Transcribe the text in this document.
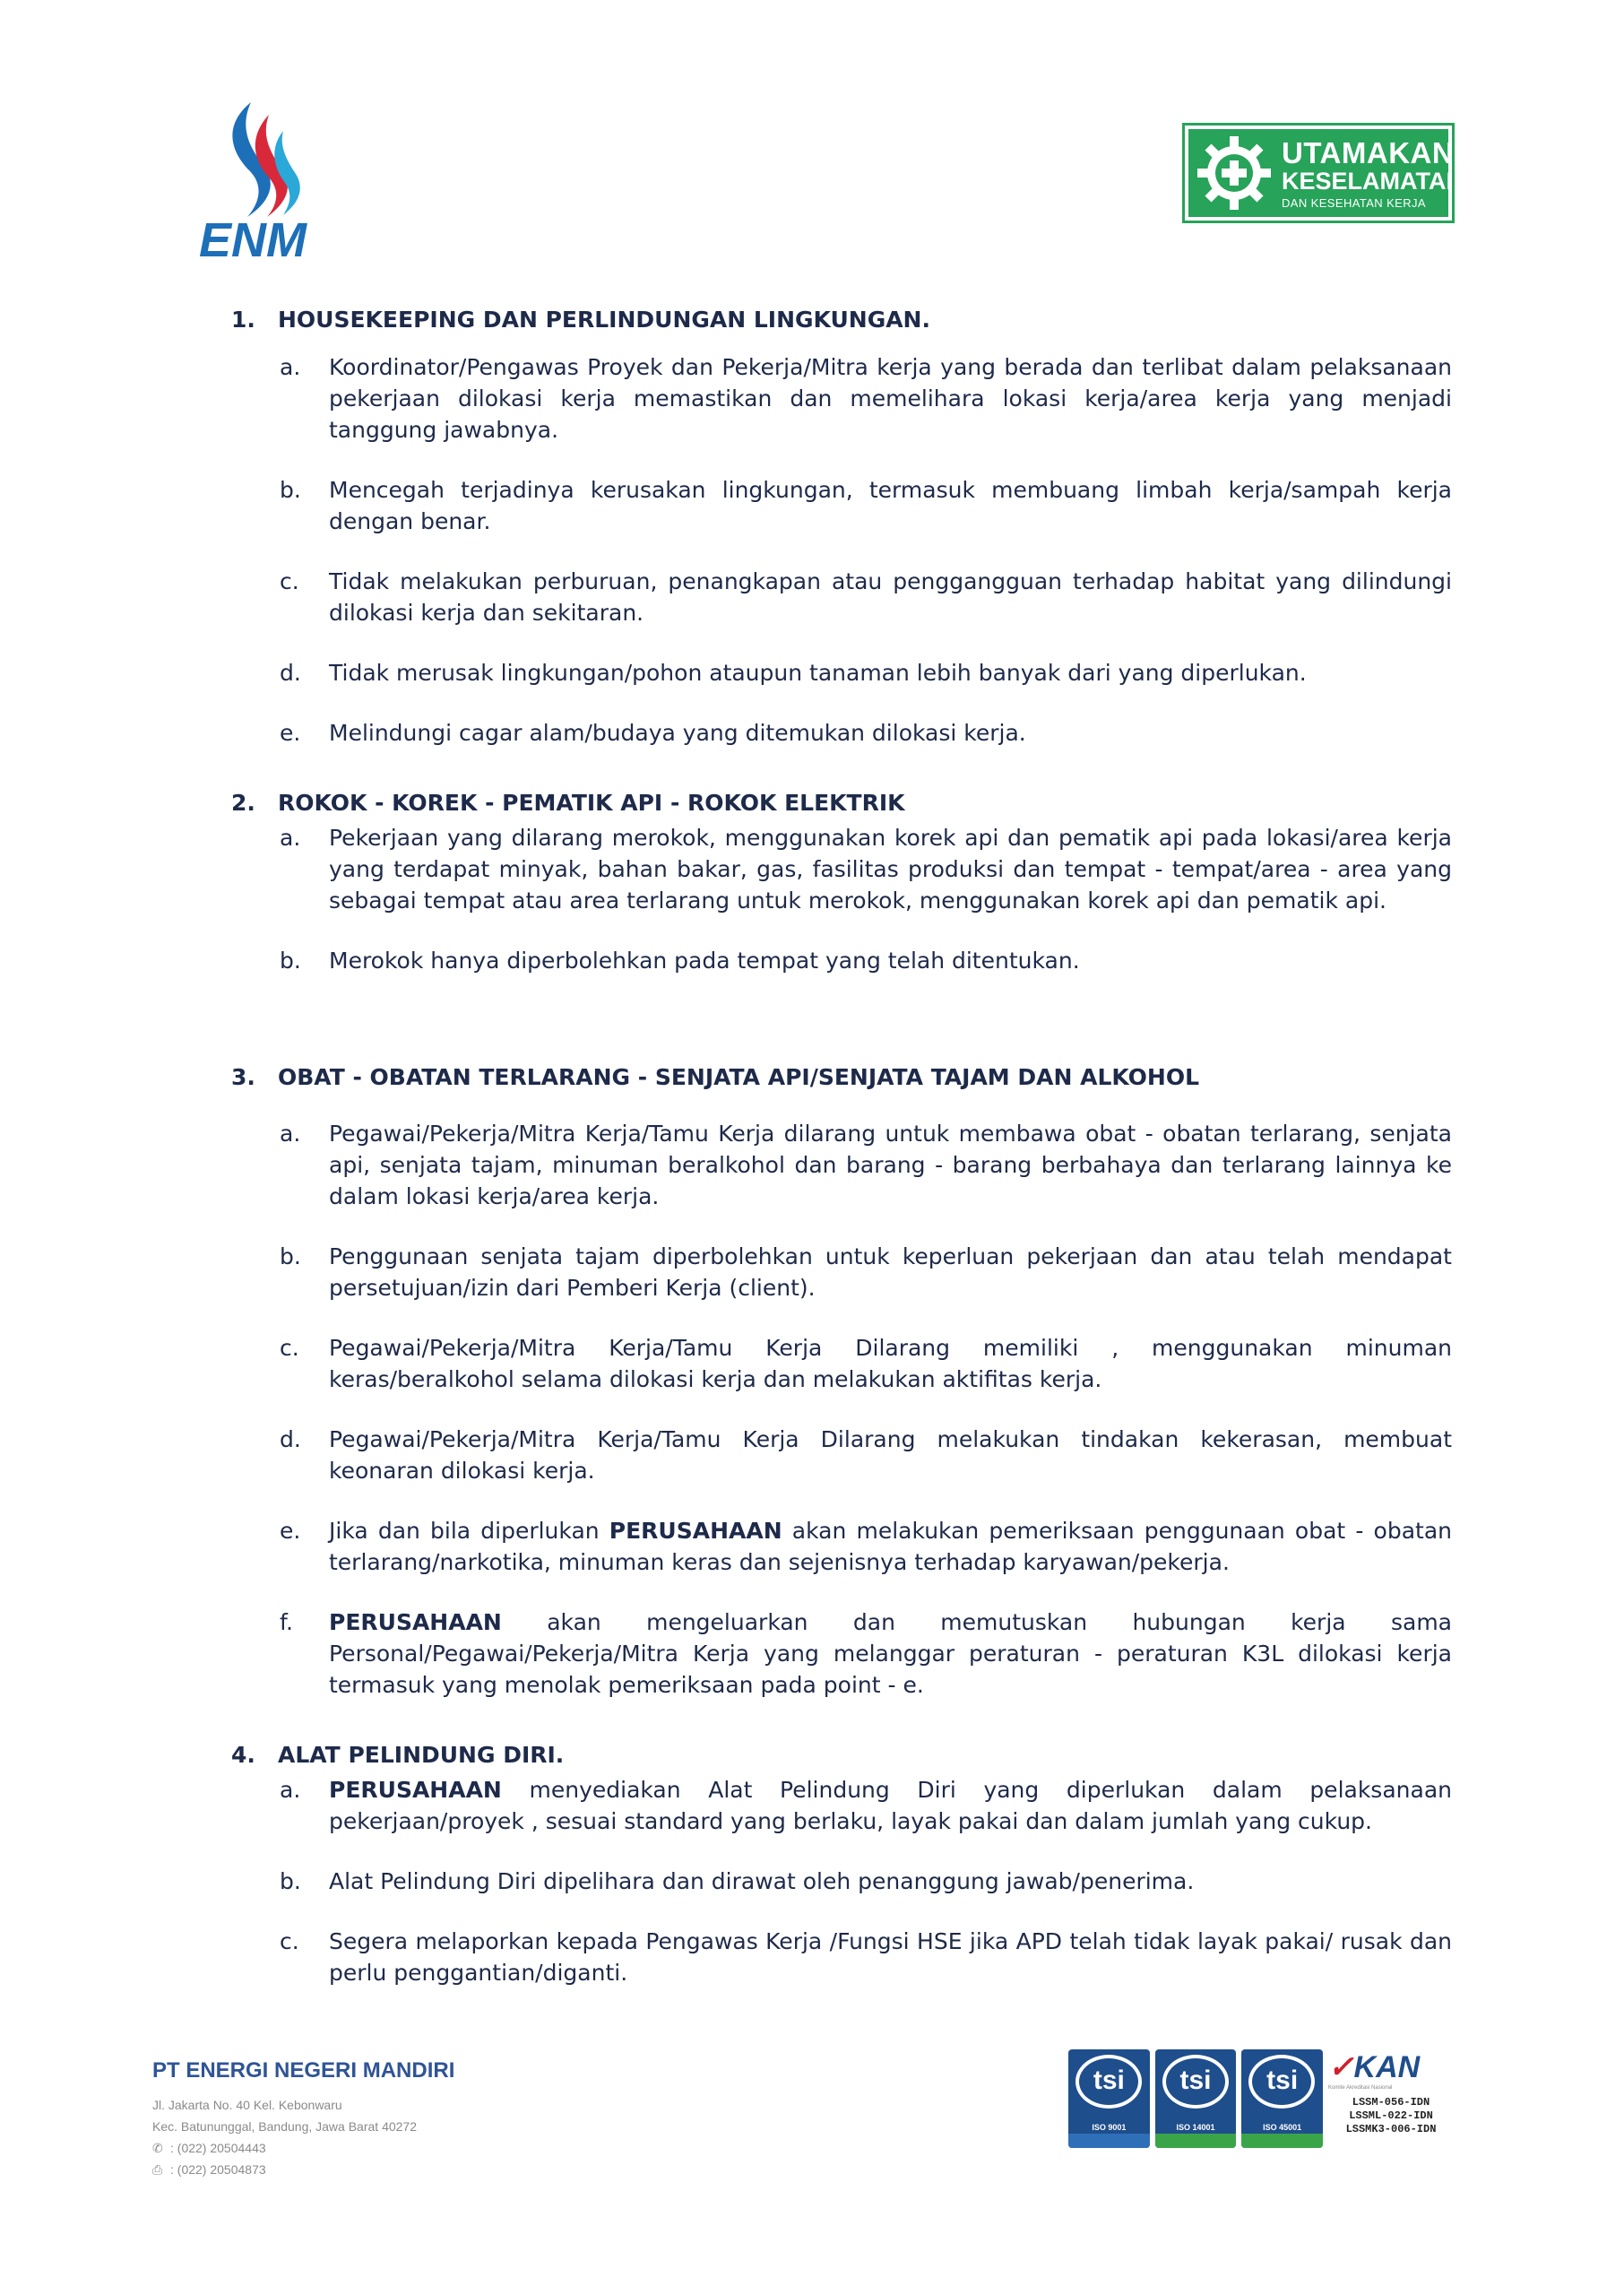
ENM
UTAMAKAN
KESELAMATAN
DAN KESEHATAN KERJA
1. HOUSEKEEPING DAN PERLINDUNGAN LINGKUNGAN.
a. Koordinator/Pengawas Proyek dan Pekerja/Mitra kerja yang berada dan terlibat dalam pelaksanaan pekerjaan dilokasi kerja memastikan dan memelihara lokasi kerja/area kerja yang menjadi tanggung jawabnya.
b. Mencegah terjadinya kerusakan lingkungan, termasuk membuang limbah kerja/sampah kerja dengan benar.
c. Tidak melakukan perburuan, penangkapan atau penggangguan terhadap habitat yang dilindungi dilokasi kerja dan sekitaran.
d. Tidak merusak lingkungan/pohon ataupun tanaman lebih banyak dari yang diperlukan.
e. Melindungi cagar alam/budaya yang ditemukan dilokasi kerja.
2. ROKOK - KOREK - PEMATIK API - ROKOK ELEKTRIK
a. Pekerjaan yang dilarang merokok, menggunakan korek api dan pematik api pada lokasi/area kerja yang terdapat minyak, bahan bakar, gas, fasilitas produksi dan tempat - tempat/area - area yang sebagai tempat atau area terlarang untuk merokok, menggunakan korek api dan pematik api.
b. Merokok hanya diperbolehkan pada tempat yang telah ditentukan.
3. OBAT - OBATAN TERLARANG - SENJATA API/SENJATA TAJAM DAN ALKOHOL
a. Pegawai/Pekerja/Mitra Kerja/Tamu Kerja dilarang untuk membawa obat - obatan terlarang, senjata api, senjata tajam, minuman beralkohol dan barang - barang berbahaya dan terlarang lainnya ke dalam lokasi kerja/area kerja.
b. Penggunaan senjata tajam diperbolehkan untuk keperluan pekerjaan dan atau telah mendapat persetujuan/izin dari Pemberi Kerja (client).
c. Pegawai/Pekerja/Mitra Kerja/Tamu Kerja Dilarang memiliki , menggunakan minuman keras/beralkohol selama dilokasi kerja dan melakukan aktifitas kerja.
d. Pegawai/Pekerja/Mitra Kerja/Tamu Kerja Dilarang melakukan tindakan kekerasan, membuat keonaran dilokasi kerja.
e. Jika dan bila diperlukan PERUSAHAAN akan melakukan pemeriksaan penggunaan obat - obatan terlarang/narkotika, minuman keras dan sejenisnya terhadap karyawan/pekerja.
f. PERUSAHAAN akan mengeluarkan dan memutuskan hubungan kerja sama Personal/Pegawai/Pekerja/Mitra Kerja yang melanggar peraturan - peraturan K3L dilokasi kerja termasuk yang menolak pemeriksaan pada point - e.
4. ALAT PELINDUNG DIRI.
a. PERUSAHAAN menyediakan Alat Pelindung Diri yang diperlukan dalam pelaksanaan pekerjaan/proyek , sesuai standard yang berlaku, layak pakai dan dalam jumlah yang cukup.
b. Alat Pelindung Diri dipelihara dan dirawat oleh penanggung jawab/penerima.
c. Segera melaporkan kepada Pengawas Kerja /Fungsi HSE jika APD telah tidak layak pakai/ rusak dan perlu penggantian/diganti.
PT ENERGI NEGERI MANDIRI
Jl. Jakarta No. 40 Kel. Kebonwaru
Kec. Batununggal, Bandung, Jawa Barat 40272
✆ : (022) 20504443
⎙ : (022) 20504873
tsi
ISO 9001
tsi
ISO 14001
tsi
ISO 45001
✓KAN
Komite Akreditasi Nasional
LSSM-056-IDN
LSSML-022-IDN
LSSMK3-006-IDN
